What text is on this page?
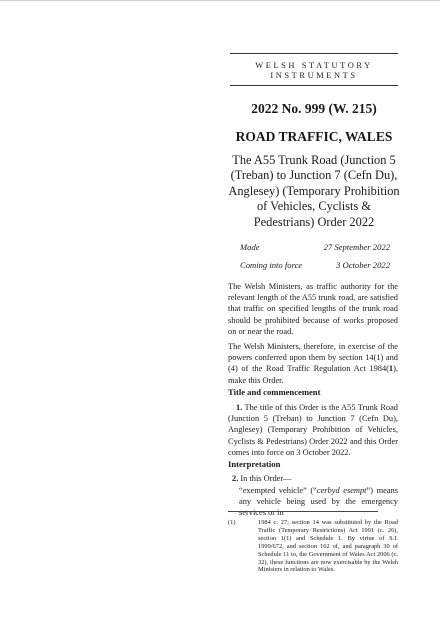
WELSH STATUTORY INSTRUMENTS
2022 No. 999 (W. 215)
ROAD TRAFFIC, WALES
The A55 Trunk Road (Junction 5 (Treban) to Junction 7 (Cefn Du), Anglesey) (Temporary Prohibition of Vehicles, Cyclists & Pedestrians) Order 2022
Made	27 September 2022
Coming into force	3 October 2022
The Welsh Ministers, as traffic authority for the relevant length of the A55 trunk road, are satisfied that traffic on specified lengths of the trunk road should be prohibited because of works proposed on or near the road.
The Welsh Ministers, therefore, in exercise of the powers conferred upon them by section 14(1) and (4) of the Road Traffic Regulation Act 1984(1), make this Order.
Title and commencement
1. The title of this Order is the A55 Trunk Road (Junction 5 (Treban) to Junction 7 (Cefn Du), Anglesey) (Temporary Prohibition of Vehicles, Cyclists & Pedestrians) Order 2022 and this Order comes into force on 3 October 2022.
Interpretation
2. In this Order—
“exempted vehicle” (“cerbyd esempt”) means any vehicle being used by the emergency services or in
(1)	1984 c. 27; section 14 was substituted by the Road Traffic (Temporary Restrictions) Act 1991 (c. 26), section 1(1) and Schedule 1. By virtue of S.I. 1999/672, and section 162 of, and paragraph 30 of Schedule 11 to, the Government of Wales Act 2006 (c. 32), these functions are now exercisable by the Welsh Ministers in relation to Wales.
